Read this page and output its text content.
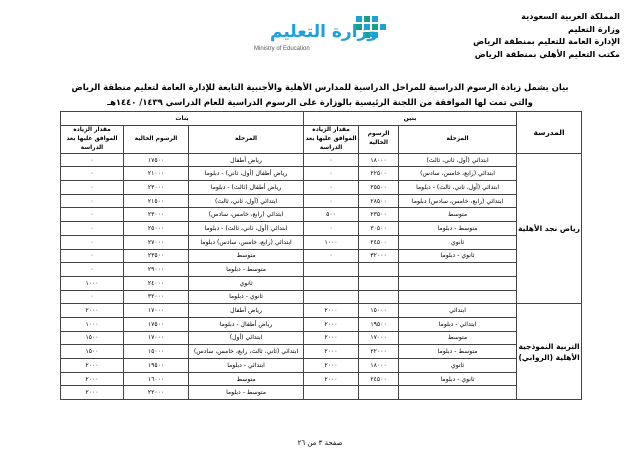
المملكة العربية السعودية
وزارة التعليم
الإدارة العامة للتعليم بمنطقة الرياض
مكتب التعليم الأهلي بمنطقة الرياض
وزارة التعليم
Ministry of Education
بيان يشمل زيادة الرسوم الدراسية للمراحل الدراسية للمدارس الأهلية والأجنبية التابعة للإدارة العامة لتعليم منطقة الرياض
والتي تمت لها الموافقة من اللجنة الرئيسية بالوزارة على الرسوم الدراسية للعام الدراسي ١٤٣٩/ ١٤٤٠هـ
المدرسة	بنين			بنات		
	المرحلة	الرسوم الحالية	مقدار الزيادة الموافق عليها بعد الدراسة	المرحلة	الرسوم الحالية	مقدار الزيادة الموافق عليها بعد الدراسة
رياض نجد الأهلية	ابتدائي (أول، ثاني، ثالث)	١٨٠٠٠	٠	رياض أطفال	١٧٥٠٠	٠
	ابتدائي (رابع، خامس، سادس)	٢٢٥٠٠	٠	رياض أطفال (أول، ثاني) - دبلوما	٢١٠٠٠	٠
	ابتدائي (أول، ثاني، ثالث) - دبلوما	٢٥٥٠٠	٠	رياض أطفال (ثالث) - دبلوما	٢٣٠٠٠	٠
	ابتدائي (رابع، خامس، سادس) دبلوما	٢٨٥٠٠	٠	ابتدائي (أول، ثاني، ثالث)	٢١٥٠٠	٠
	متوسط	٢٣٥٠٠	٥٠٠	ابتدائي (رابع، خامس، سادس)	٢٣٠٠٠	٠
	متوسط - دبلوما	٣٠٥٠٠	٠	ابتدائي (أول، ثاني، ثالث) - دبلوما	٢٥٠٠٠	٠
	ثانوي	٢٤٥٠٠	١٠٠٠	ابتدائي (رابع، خامس، سادس) دبلوما	٢٧٠٠٠	٠
	ثانوي - دبلوما	٣٢٠٠٠	٠	متوسط	٢٣٥٠٠	٠
				متوسط - دبلوما	٢٩٠٠٠	٠
				ثانوي	٢٤٠٠٠	١٠٠٠
				ثانوي - دبلوما	٣٢٠٠٠	٠
التربية النموذجية الأهلية (الروابي)	ابتدائي	١٥٠٠٠	٢٠٠٠	رياض أطفال	١٧٠٠٠	٢٠٠٠
	ابتدائي - دبلوما	١٩٥٠٠	٢٠٠٠	رياض أطفال - دبلوما	١٧٥٠٠	١٠٠٠
	متوسط	١٧٠٠٠	٢٠٠٠	ابتدائي (أول)	١٧٠٠٠	١٥٠٠
	متوسط - دبلوما	٢٢٠٠٠	٢٠٠٠	ابتدائي (ثاني، ثالث، رابع، خامس، سادس)	١٥٠٠٠	١٥٠٠
	ثانوي	١٨٠٠٠	٢٠٠٠	ابتدائي - دبلوما	١٩٥٠٠	٢٠٠٠
	ثانوي - دبلوما	٢٤٥٠٠	٢٠٠٠	متوسط	١٦٠٠٠	٢٠٠٠
				متوسط - دبلوما	٢٢٠٠٠	٢٠٠٠
صفحة ٣ من ٢٦
